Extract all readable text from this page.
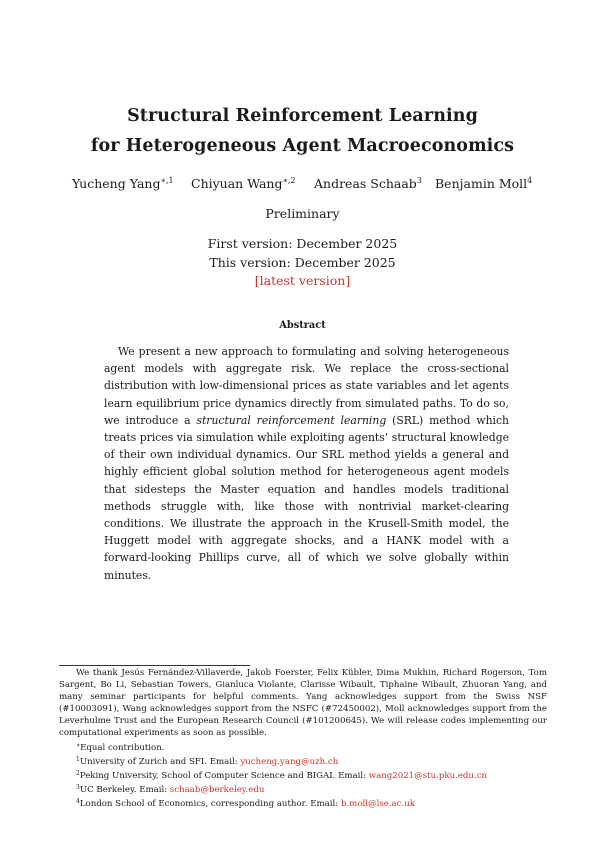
Structural Reinforcement Learning
for Heterogeneous Agent Macroeconomics
Yucheng Yang$^{∗,1}$ Chiyuan Wang$^{∗,2}$ Andreas Schaab$^3$ Benjamin Moll$^4$
Preliminary
First version: December 2025
This version: December 2025
[latest version]
Abstract

We present a new approach to formulating and solving heterogeneous agent models with aggregate risk. We replace the cross-sectional distribution with low-dimensional prices as state variables and let agents learn equilibrium price dynamics directly from simulated paths. To do so, we introduce a structural reinforcement learning (SRL) method which treats prices via simulation while exploiting agents’ structural knowledge of their own individual dynamics. Our SRL method yields a general and highly efficient global solution method for heterogeneous agent models that sidesteps the Master equation and handles models traditional methods struggle with, like those with nontrivial market-clearing conditions. We illustrate the approach in the Krusell-Smith model, the Huggett model with aggregate shocks, and a HANK model with a forward-looking Phillips curve, all of which we solve globally within minutes.

We thank Jesús Fernández-Villaverde, Jakob Foerster, Felix Kübler, Dima Mukhin, Richard Rogerson, Tom Sargent, Bo Li, Sebastian Towers, Gianluca Violante, Clarisse Wibault, Tiphaine Wibault, Zhuoran Yang, and many seminar participants for helpful comments. Yang acknowledges support from the Swiss NSF (#10003091), Wang acknowledges support from the NSFC (#72450002), Moll acknowledges support from the Leverhulme Trust and the European Research Council (#101200645). We will release codes implementing our computational experiments as soon as possible.

∗Equal contribution.

$^1$University of Zurich and SFI. Email: yucheng.yang@uzh.ch

$^2$Peking University, School of Computer Science and BIGAI. Email: wang2021@stu.pku.edu.cn

$^3$UC Berkeley. Email: schaab@berkeley.edu

$^4$London School of Economics, corresponding author. Email: b.moll@lse.ac.uk
